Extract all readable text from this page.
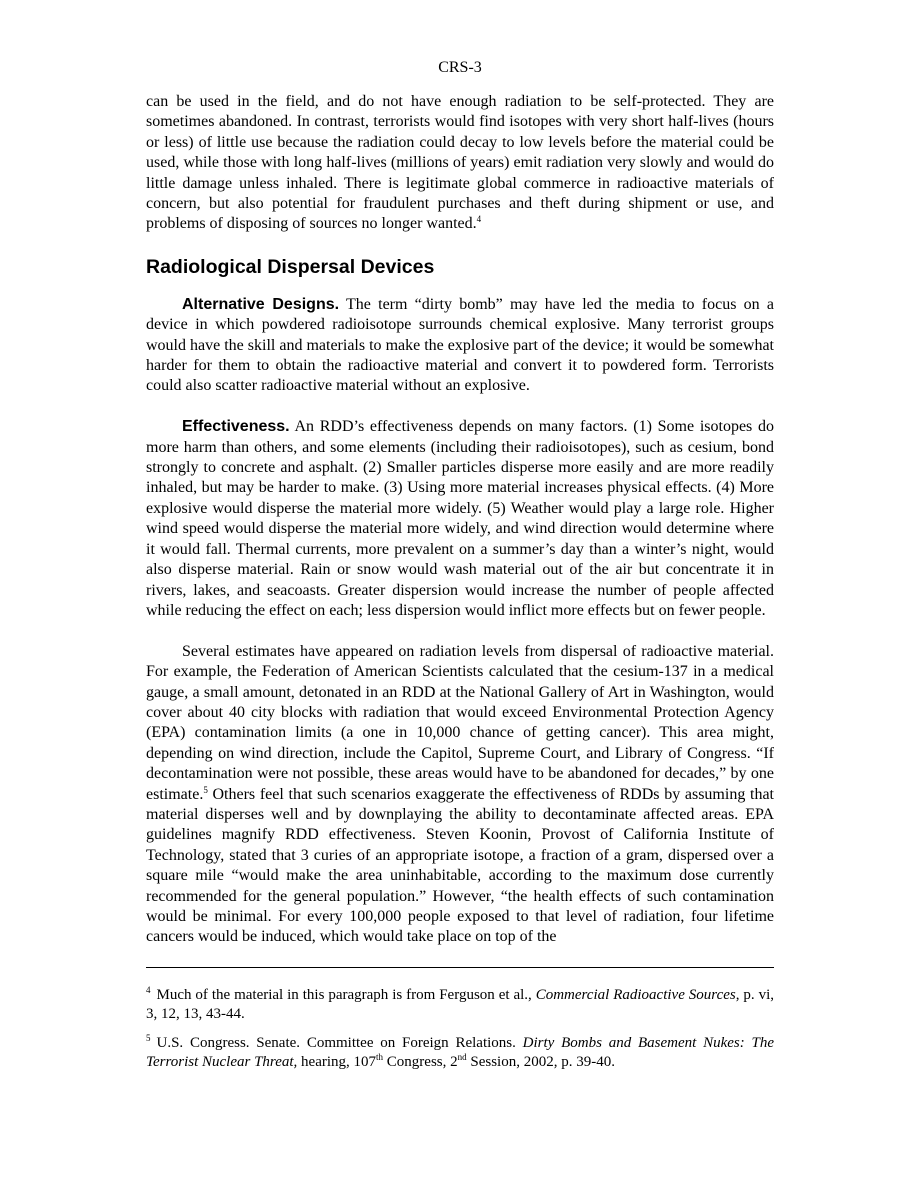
CRS-3

can be used in the field, and do not have enough radiation to be self-protected. They are sometimes abandoned. In contrast, terrorists would find isotopes with very short half-lives (hours or less) of little use because the radiation could decay to low levels before the material could be used, while those with long half-lives (millions of years) emit radiation very slowly and would do little damage unless inhaled. There is legitimate global commerce in radioactive materials of concern, but also potential for fraudulent purchases and theft during shipment or use, and problems of disposing of sources no longer wanted.$^4$

Radiological Dispersal Devices

Alternative Designs. The term “dirty bomb” may have led the media to focus on a device in which powdered radioisotope surrounds chemical explosive. Many terrorist groups would have the skill and materials to make the explosive part of the device; it would be somewhat harder for them to obtain the radioactive material and convert it to powdered form. Terrorists could also scatter radioactive material without an explosive.

Effectiveness. An RDD’s effectiveness depends on many factors. (1) Some isotopes do more harm than others, and some elements (including their radioisotopes), such as cesium, bond strongly to concrete and asphalt. (2) Smaller particles disperse more easily and are more readily inhaled, but may be harder to make. (3) Using more material increases physical effects. (4) More explosive would disperse the material more widely. (5) Weather would play a large role. Higher wind speed would disperse the material more widely, and wind direction would determine where it would fall. Thermal currents, more prevalent on a summer’s day than a winter’s night, would also disperse material. Rain or snow would wash material out of the air but concentrate it in rivers, lakes, and seacoasts. Greater dispersion would increase the number of people affected while reducing the effect on each; less dispersion would inflict more effects but on fewer people.

Several estimates have appeared on radiation levels from dispersal of radioactive material. For example, the Federation of American Scientists calculated that the cesium-137 in a medical gauge, a small amount, detonated in an RDD at the National Gallery of Art in Washington, would cover about 40 city blocks with radiation that would exceed Environmental Protection Agency (EPA) contamination limits (a one in 10,000 chance of getting cancer). This area might, depending on wind direction, include the Capitol, Supreme Court, and Library of Congress. “If decontamination were not possible, these areas would have to be abandoned for decades,” by one estimate.$^5$ Others feel that such scenarios exaggerate the effectiveness of RDDs by assuming that material disperses well and by downplaying the ability to decontaminate affected areas. EPA guidelines magnify RDD effectiveness. Steven Koonin, Provost of California Institute of Technology, stated that 3 curies of an appropriate isotope, a fraction of a gram, dispersed over a square mile “would make the area uninhabitable, according to the maximum dose currently recommended for the general population.” However, “the health effects of such contamination would be minimal. For every 100,000 people exposed to that level of radiation, four lifetime cancers would be induced, which would take place on top of the

$^4$ Much of the material in this paragraph is from Ferguson et al., Commercial Radioactive Sources, p. vi, 3, 12, 13, 43-44.

$^5$ U.S. Congress. Senate. Committee on Foreign Relations. Dirty Bombs and Basement Nukes: The Terrorist Nuclear Threat, hearing, 107th Congress, 2nd Session, 2002, p. 39-40.
